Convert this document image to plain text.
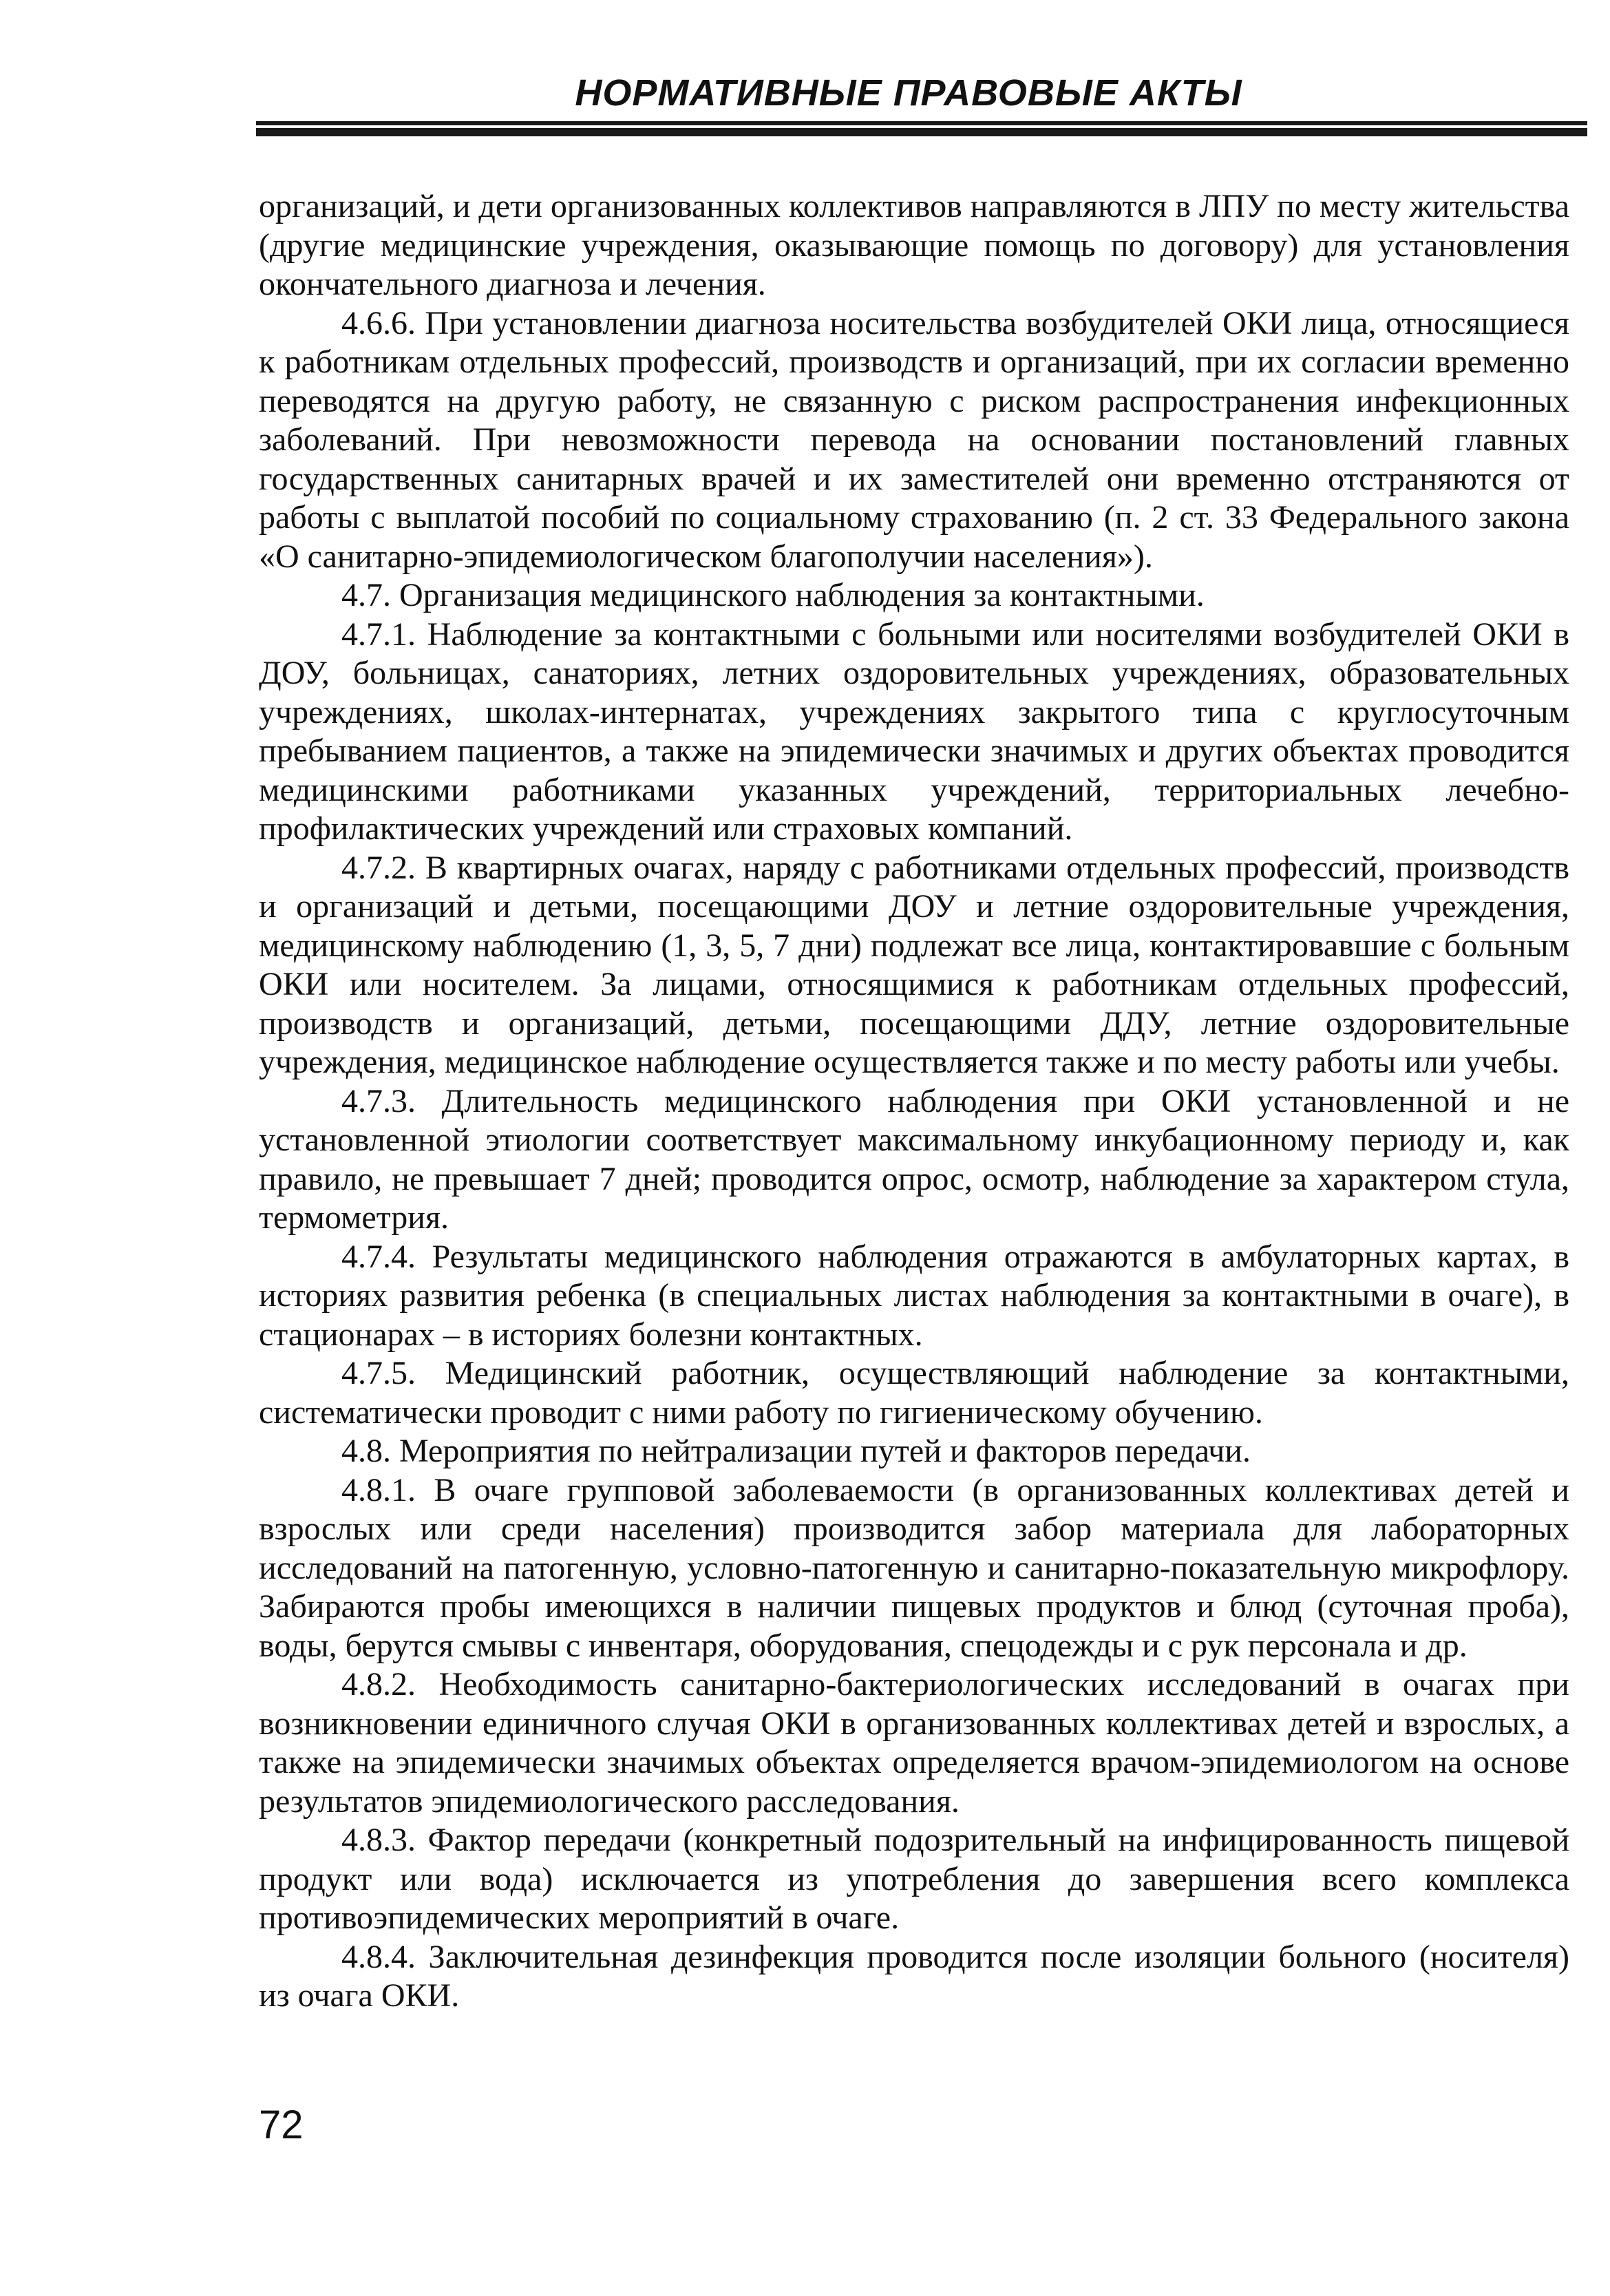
НОРМАТИВНЫЕ ПРАВОВЫЕ АКТЫ

организаций, и дети организованных коллективов направляются в ЛПУ по месту жительства (другие медицинские учреждения, оказывающие помощь по договору) для установления окончательного диагноза и лечения.

4.6.6. При установлении диагноза носительства возбудителей ОКИ лица, относящиеся к работникам отдельных профессий, производств и организаций, при их согласии временно переводятся на другую работу, не связанную с риском распространения инфекционных заболеваний. При невозможности перевода на основании постановлений главных государственных санитарных врачей и их заместителей они временно отстраняются от работы с выплатой пособий по социальному страхованию (п. 2 ст. 33 Федерального закона «О санитарно-эпидемиологическом благополучии населения»).

4.7. Организация медицинского наблюдения за контактными.

4.7.1. Наблюдение за контактными с больными или носителями возбудителей ОКИ в ДОУ, больницах, санаториях, летних оздоровительных учреждениях, образовательных учреждениях, школах-интернатах, учреждениях закрытого типа с круглосуточным пребыванием пациентов, а также на эпидемически значимых и других объектах проводится медицинскими работниками указанных учреждений, территориальных лечебно-профилактических учреждений или страховых компаний.

4.7.2. В квартирных очагах, наряду с работниками отдельных профессий, производств и организаций и детьми, посещающими ДОУ и летние оздоровительные учреждения, медицинскому наблюдению (1, 3, 5, 7 дни) подлежат все лица, контактировавшие с больным ОКИ или носителем. За лицами, относящимися к работникам отдельных профессий, производств и организаций, детьми, посещающими ДДУ, летние оздоровительные учреждения, медицинское наблюдение осуществляется также и по месту работы или учебы.

4.7.3. Длительность медицинского наблюдения при ОКИ установленной и не установленной этиологии соответствует максимальному инкубационному периоду и, как правило, не превышает 7 дней; проводится опрос, осмотр, наблюдение за характером стула, термометрия.

4.7.4. Результаты медицинского наблюдения отражаются в амбулаторных картах, в историях развития ребенка (в специальных листах наблюдения за контактными в очаге), в стационарах – в историях болезни контактных.

4.7.5. Медицинский работник, осуществляющий наблюдение за контактными, систематически проводит с ними работу по гигиеническому обучению.

4.8. Мероприятия по нейтрализации путей и факторов передачи.

4.8.1. В очаге групповой заболеваемости (в организованных коллективах детей и взрослых или среди населения) производится забор материала для лабораторных исследований на патогенную, условно-патогенную и санитарно-показательную микрофлору. Забираются пробы имеющихся в наличии пищевых продуктов и блюд (суточная проба), воды, берутся смывы с инвентаря, оборудования, спецодежды и с рук персонала и др.

4.8.2. Необходимость санитарно-бактериологических исследований в очагах при возникновении единичного случая ОКИ в организованных коллективах детей и взрослых, а также на эпидемически значимых объектах определяется врачом-эпидемиологом на основе результатов эпидемиологического расследования.

4.8.3. Фактор передачи (конкретный подозрительный на инфицированность пищевой продукт или вода) исключается из употребления до завершения всего комплекса противоэпидемических мероприятий в очаге.

4.8.4. Заключительная дезинфекция проводится после изоляции больного (носителя) из очага ОКИ.

72
